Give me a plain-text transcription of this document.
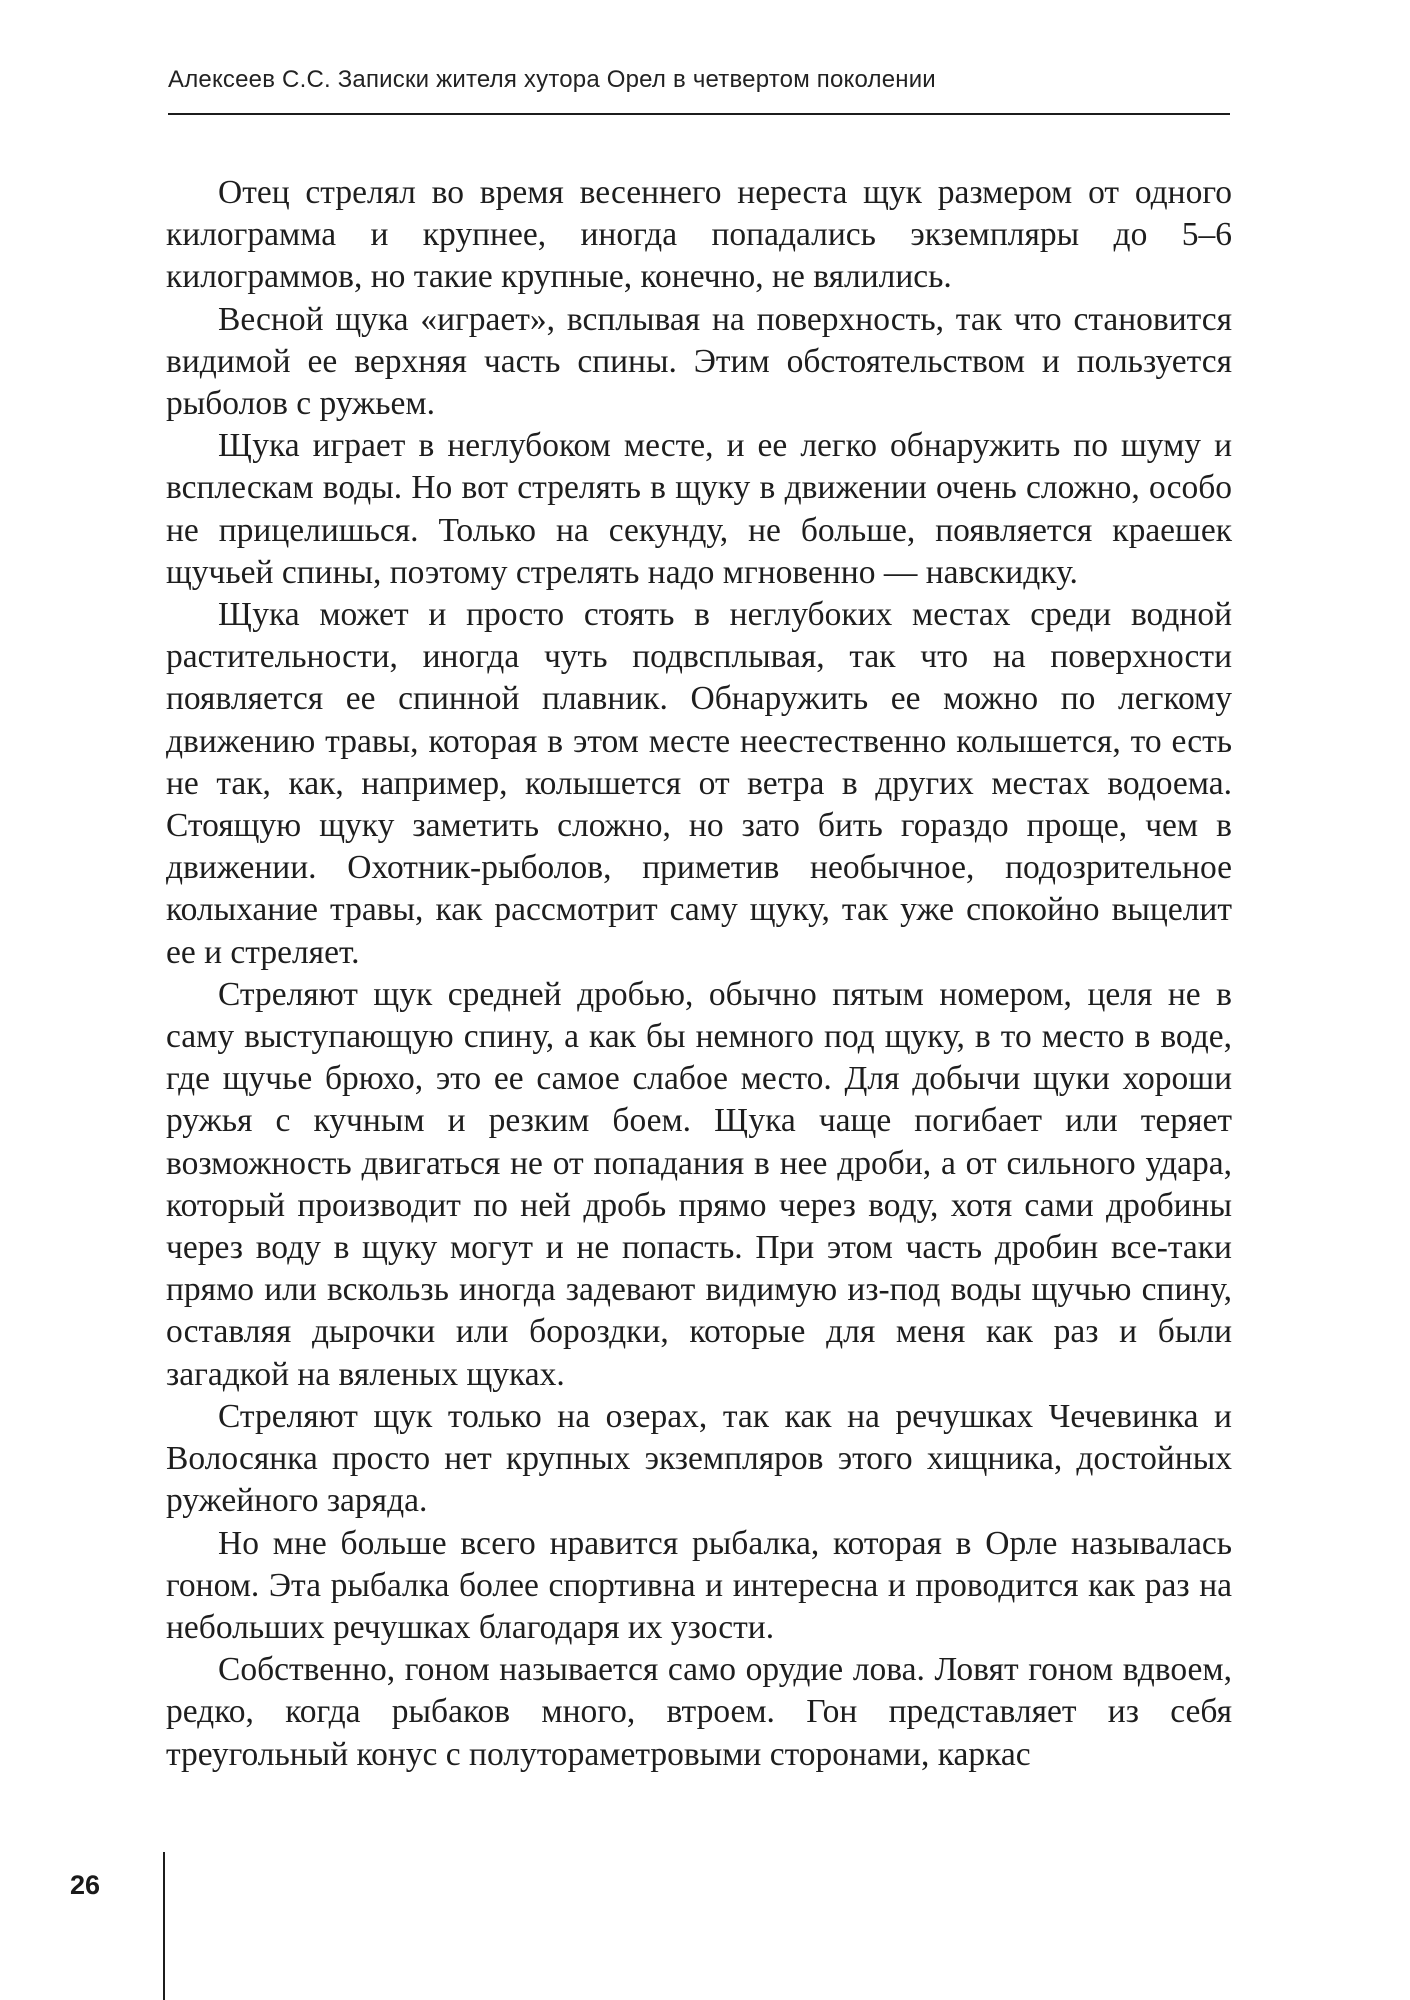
Алексеев С.С. Записки жителя хутора Орел в четвертом поколении

Отец стрелял во время весеннего нереста щук размером от одного килограмма и крупнее, иногда попадались экземпляры до 5–6 килограммов, но такие крупные, конечно, не вялились.

Весной щука «играет», всплывая на поверхность, так что становится видимой ее верхняя часть спины. Этим обстоятельством и пользуется рыболов с ружьем.

Щука играет в неглубоком месте, и ее легко обнаружить по шуму и всплескам воды. Но вот стрелять в щуку в движении очень сложно, особо не прицелишься. Только на секунду, не больше, появляется краешек щучьей спины, поэтому стрелять надо мгновенно — навскидку.

Щука может и просто стоять в неглубоких местах среди водной растительности, иногда чуть подвсплывая, так что на поверхности появляется ее спинной плавник. Обнаружить ее можно по легкому движению травы, которая в этом месте неестественно колышется, то есть не так, как, например, колышется от ветра в других местах водоема. Стоящую щуку заметить сложно, но зато бить гораздо проще, чем в движении. Охотник-рыболов, приметив необычное, подозрительное колыхание травы, как рассмотрит саму щуку, так уже спокойно выцелит ее и стреляет.

Стреляют щук средней дробью, обычно пятым номером, целя не в саму выступающую спину, а как бы немного под щуку, в то место в воде, где щучье брюхо, это ее самое слабое место. Для добычи щуки хороши ружья с кучным и резким боем. Щука чаще погибает или теряет возможность двигаться не от попадания в нее дроби, а от сильного удара, который производит по ней дробь прямо через воду, хотя сами дробины через воду в щуку могут и не попасть. При этом часть дробин все-таки прямо или вскользь иногда задевают видимую из-под воды щучью спину, оставляя дырочки или бороздки, которые для меня как раз и были загадкой на вяленых щуках.

Стреляют щук только на озерах, так как на речушках Чечевинка и Волосянка просто нет крупных экземпляров этого хищника, достойных ружейного заряда.

Но мне больше всего нравится рыбалка, которая в Орле называлась гоном. Эта рыбалка более спортивна и интересна и проводится как раз на небольших речушках благодаря их узости.

Собственно, гоном называется само орудие лова. Ловят гоном вдвоем, редко, когда рыбаков много, втроем. Гон представляет из себя треугольный конус с полутораметровыми сторонами, каркас

26
